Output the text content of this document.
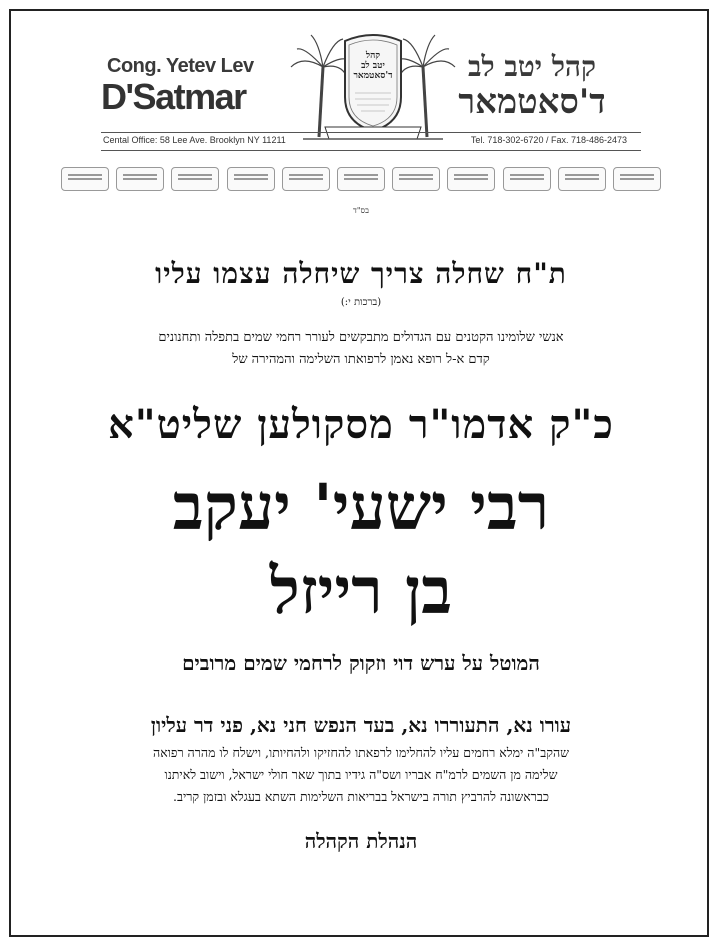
Cong. Yetev Lev
D'Satmar
קהל
יטב לב
ד'סאטמאר	קהל יטב לב
ד'סאטמאר
Cental Office: 58 Lee Ave. Brooklyn NY 11211	Tel. 718-302-6720 / Fax. 718-486-2473
בס"ד
ת"ח שחלה צריך שיחלה עצמו עליו
(ברכות י:)
אנשי שלומינו הקטנים עם הגדולים מתבקשים לעורר רחמי שמים בתפלה ותחנונים
קדם א-ל רופא נאמן לרפואתו השלימה והמהירה של
כ"ק אדמו"ר מסקולען שליט"א
רבי ישעי' יעקב
בן רייזל
המוטל על ערש דוי וזקוק לרחמי שמים מרובים
עורו נא, התעוררו נא, בעד הנפש חני נא, פני דר עליון
שהקב"ה ימלא רחמים עליו להחלימו לרפאתו להחזיקו ולהחיותו, וישלח לו מהרה רפואה
שלימה מן השמים לרמ"ח אבריו ושס"ה גידיו בתוך שאר חולי ישראל, וישוב לאיתנו
כבראשונה להרביץ תורה בישראל בבריאות השלימות השתא בעגלא ובזמן קריב.
הנהלת הקהלה
